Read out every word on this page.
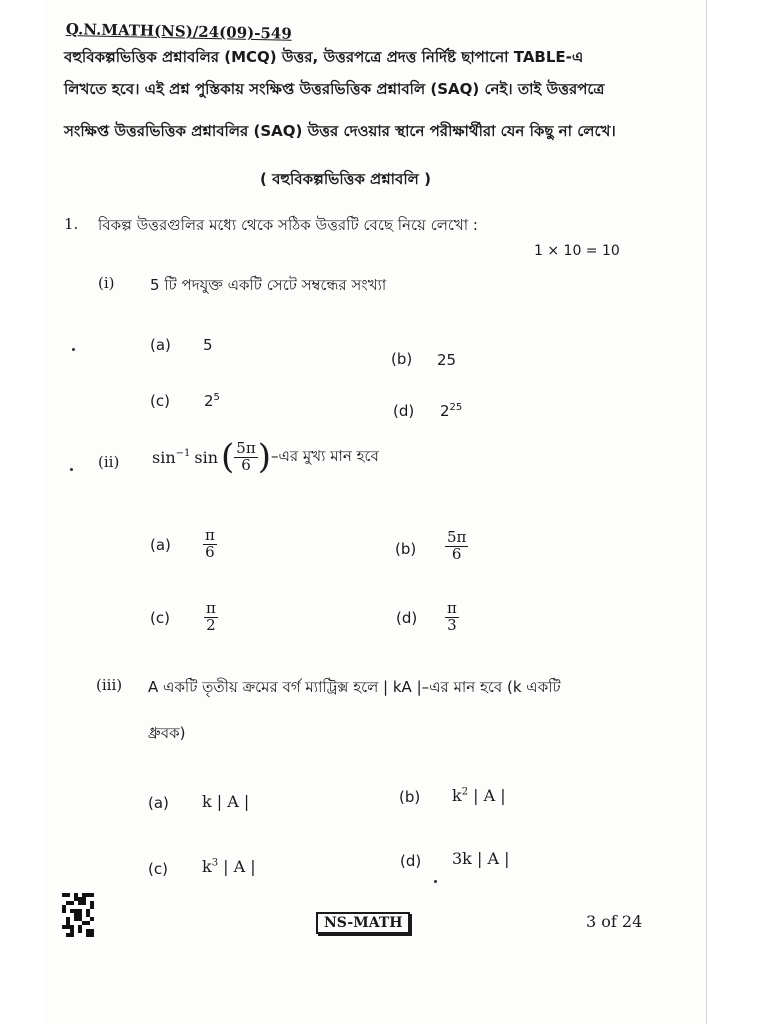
Q.N.MATH(NS)/24(09)-549
বহুবিকল্পভিত্তিক প্রশ্নাবলির (MCQ) উত্তর, উত্তরপত্রে প্রদত্ত নির্দিষ্ট ছাপানো TABLE-এ
লিখতে হবে। এই প্রশ্ন পুস্তিকায় সংক্ষিপ্ত উত্তরভিত্তিক প্রশ্নাবলি (SAQ) নেই। তাই উত্তরপত্রে
সংক্ষিপ্ত উত্তরভিত্তিক প্রশ্নাবলির (SAQ) উত্তর দেওয়ার স্থানে পরীক্ষার্থীরা যেন কিছু না লেখে।
( বহুবিকল্পভিত্তিক প্রশ্নাবলি )
1. বিকল্প উত্তরগুলির মধ্যে থেকে সঠিক উত্তরটি বেছে নিয়ে লেখো :
1 × 10 = 10
(i) 5 টি পদযুক্ত একটি সেটে সম্বন্ধের সংখ্যা
(a) 5
(b) 25
(c) $2^5$
(d) $2^{25}$
(ii) $\sin^{-1} \sin$ ( $\frac{5\pi}{6}$ ) –এর মুখ্য মান হবে
$(a) \frac{\pi}{6}$	$(b) \frac{5\pi}{6}$
$(c) \frac{\pi}{2}$	$(d) \frac{\pi}{3}$
(iii) A একটি তৃতীয় ক্রমের বর্গ ম্যাট্রিক্স হলে | kA |–এর মান হবে (k একটি
ধ্রুবক)
(a) k | A |	(b) $k^2$ | A |
(c) $k^3$ | A |	(d) 3k | A |
NS-MATH	3 of 24
